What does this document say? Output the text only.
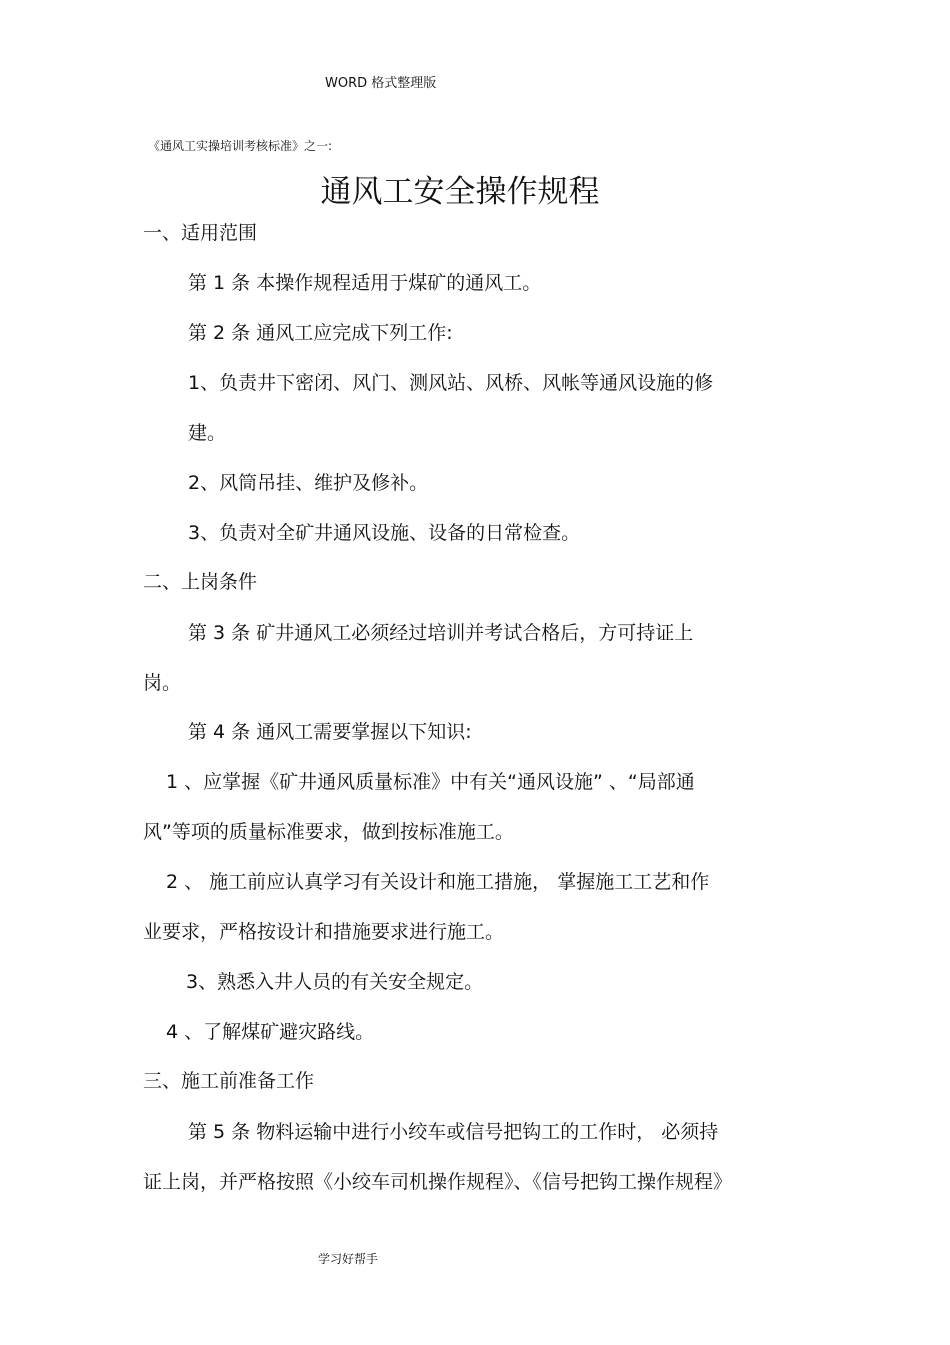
WORD 格式整理版
《通风工实操培训考核标准》之一:
通风工安全操作规程
一、适用范围
第 1 条 本操作规程适用于煤矿的通风工。
第 2 条 通风工应完成下列工作:
1、负责井下密闭、风门、测风站、风桥、风帐等通风设施的修
建。
2、风筒吊挂、维护及修补。
3、负责对全矿井通风设施、设备的日常检查。
二、上岗条件
第 3 条 矿井通风工必须经过培训并考试合格后，方可持证上
岗。
第 4 条 通风工需要掌握以下知识:
1 、应掌握《矿井通风质量标准》中有关“通风设施” 、“局部通
风”等项的质量标准要求，做到按标准施工。
2 、 施工前应认真学习有关设计和施工措施， 掌握施工工艺和作
业要求，严格按设计和措施要求进行施工。
3、熟悉入井人员的有关安全规定。
4 、了解煤矿避灾路线。
三、施工前准备工作
第 5 条 物料运输中进行小绞车或信号把钩工的工作时， 必须持
证上岗，并严格按照《小绞车司机操作规程》、《信号把钩工操作规程》
学习好帮手
